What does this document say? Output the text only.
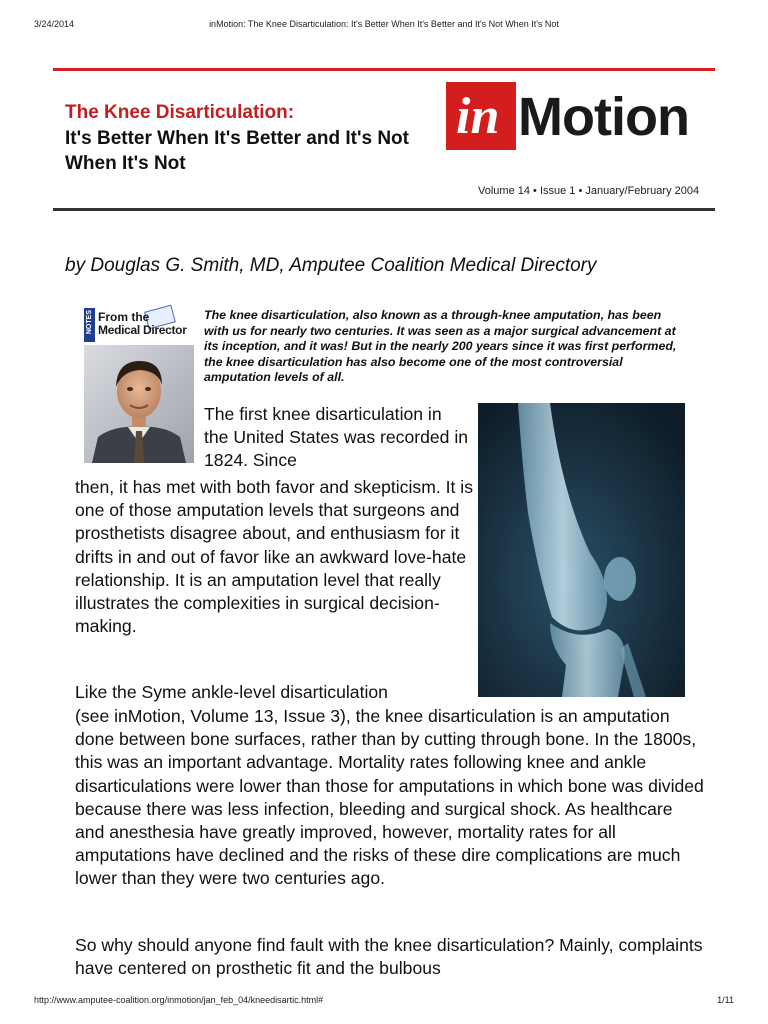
3/24/2014	inMotion: The Knee Disarticulation: It's Better When It's Better and It's Not When It's Not
The Knee Disarticulation:
It's Better When It's Better and It's Not When It's Not
in Motion
Volume 14 • Issue 1 • January/February 2004
by Douglas G. Smith, MD, Amputee Coalition Medical Directory
NOTES From the
Medical Director
The knee disarticulation, also known as a through-knee amputation, has been with us for nearly two centuries. It was seen as a major surgical advancement at its inception, and it was! But in the nearly 200 years since it was first performed, the knee disarticulation has also become one of the most controversial amputation levels of all.

The first knee disarticulation in the United States was recorded in 1824. Since

then, it has met with both favor and skepticism. It is one of those amputation levels that surgeons and prosthetists disagree about, and enthusiasm for it drifts in and out of favor like an awkward love-hate relationship. It is an amputation level that really illustrates the complexities in surgical decision-making.

Like the Syme ankle-level disarticulation

(see inMotion, Volume 13, Issue 3), the knee disarticulation is an amputation done between bone surfaces, rather than by cutting through bone. In the 1800s, this was an important advantage. Mortality rates following knee and ankle disarticulations were lower than those for amputations in which bone was divided because there was less infection, bleeding and surgical shock. As healthcare and anesthesia have greatly improved, however, mortality rates for all amputations have declined and the risks of these dire complications are much lower than they were two centuries ago.

So why should anyone find fault with the knee disarticulation? Mainly, complaints have centered on prosthetic fit and the bulbous

http://www.amputee-coalition.org/inmotion/jan_feb_04/kneedisartic.html#	1/11
